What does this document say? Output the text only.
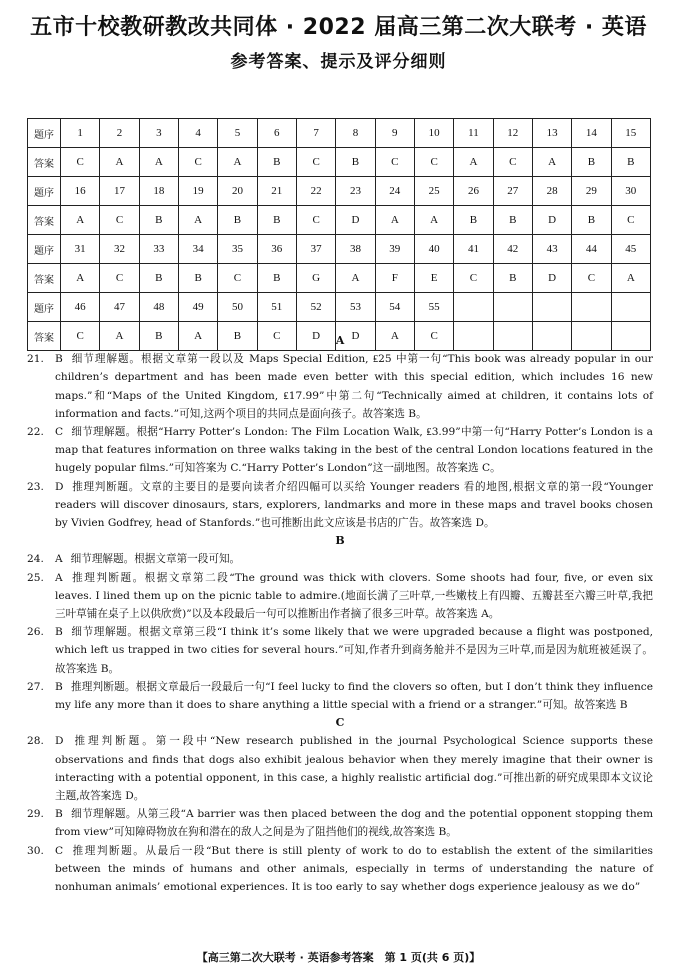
五市十校教研教改共同体 · 2022 届高三第二次大联考 · 英语
参考答案、提示及评分细则
题序	1	2	3	4	5	6	7	8	9	10	11	12	13	14	15
答案	C	A	A	C	A	B	C	B	C	C	A	C	A	B	B
题序	16	17	18	19	20	21	22	23	24	25	26	27	28	29	30
答案	A	C	B	A	B	B	C	D	A	A	B	B	D	B	C
题序	31	32	33	34	35	36	37	38	39	40	41	42	43	44	45
答案	A	C	B	B	C	B	G	A	F	E	C	B	D	C	A
题序	46	47	48	49	50	51	52	53	54	55					
答案	C	A	B	A	B	C	D	D	A	C					
A
21.	B 细节理解题。根据文章第一段以及 Maps Special Edition, ₤25 中第一句“This book was already popular in our children’s department and has been made even better with this special edition, which includes 16 new maps.”和“Maps of the United Kingdom, ₤17.99”中第二句“Technically aimed at children, it contains lots of information and facts.”可知,这两个项目的共同点是面向孩子。故答案选 B。
22.	C 细节理解题。根据“Harry Potter’s London: The Film Location Walk, ₤3.99”中第一句“Harry Potter’s London is a map that features information on three walks taking in the best of the central London locations featured in the hugely popular films.”可知答案为 C.“Harry Potter’s London”这一副地图。故答案选 C。
23.	D 推理判断题。文章的主要目的是要向读者介绍四幅可以买给 Younger readers 看的地图,根据文章的第一段“Younger readers will discover dinosaurs, stars, explorers, landmarks and more in these maps and travel books chosen by Vivien Godfrey, head of Stanfords.”也可推断出此文应该是书店的广告。故答案选 D。
B
24.	A 细节理解题。根据文章第一段可知。
25.	A 推理判断题。根据文章第二段“The ground was thick with clovers. Some shoots had four, five, or even six leaves. I lined them up on the picnic table to admire.(地面长满了三叶草,一些嫩枝上有四瓣、五瓣甚至六瓣三叶草,我把三叶草铺在桌子上以供欣赏)”以及本段最后一句可以推断出作者摘了很多三叶草。故答案选 A。
26.	B 细节理解题。根据文章第三段“I think it’s some likely that we were upgraded because a flight was postponed, which left us trapped in two cities for several hours.”可知,作者升到商务舱并不是因为三叶草,而是因为航班被延误了。故答案选 B。
27.	B 推理判断题。根据文章最后一段最后一句“I feel lucky to find the clovers so often, but I don’t think they influence my life any more than it does to share anything a little special with a friend or a stranger.”可知。故答案选 B
C
28.	D 推理判断题。第一段中“New research published in the journal Psychological Science supports these observations and finds that dogs also exhibit jealous behavior when they merely imagine that their owner is interacting with a potential opponent, in this case, a highly realistic artificial dog.”可推出新的研究成果即本文议论主题,故答案选 D。
29.	B 细节理解题。从第三段“A barrier was then placed between the dog and the potential opponent stopping them from view”可知障碍物放在狗和潜在的敌人之间是为了阻挡他们的视线,故答案选 B。
30.	C 推理判断题。从最后一段“But there is still plenty of work to do to establish the extent of the similarities between the minds of humans and other animals, especially in terms of understanding the nature of nonhuman animals’ emotional experiences. It is too early to say whether dogs experience jealousy as we do”
【高三第二次大联考 · 英语参考答案　第 1 页(共 6 页)】
